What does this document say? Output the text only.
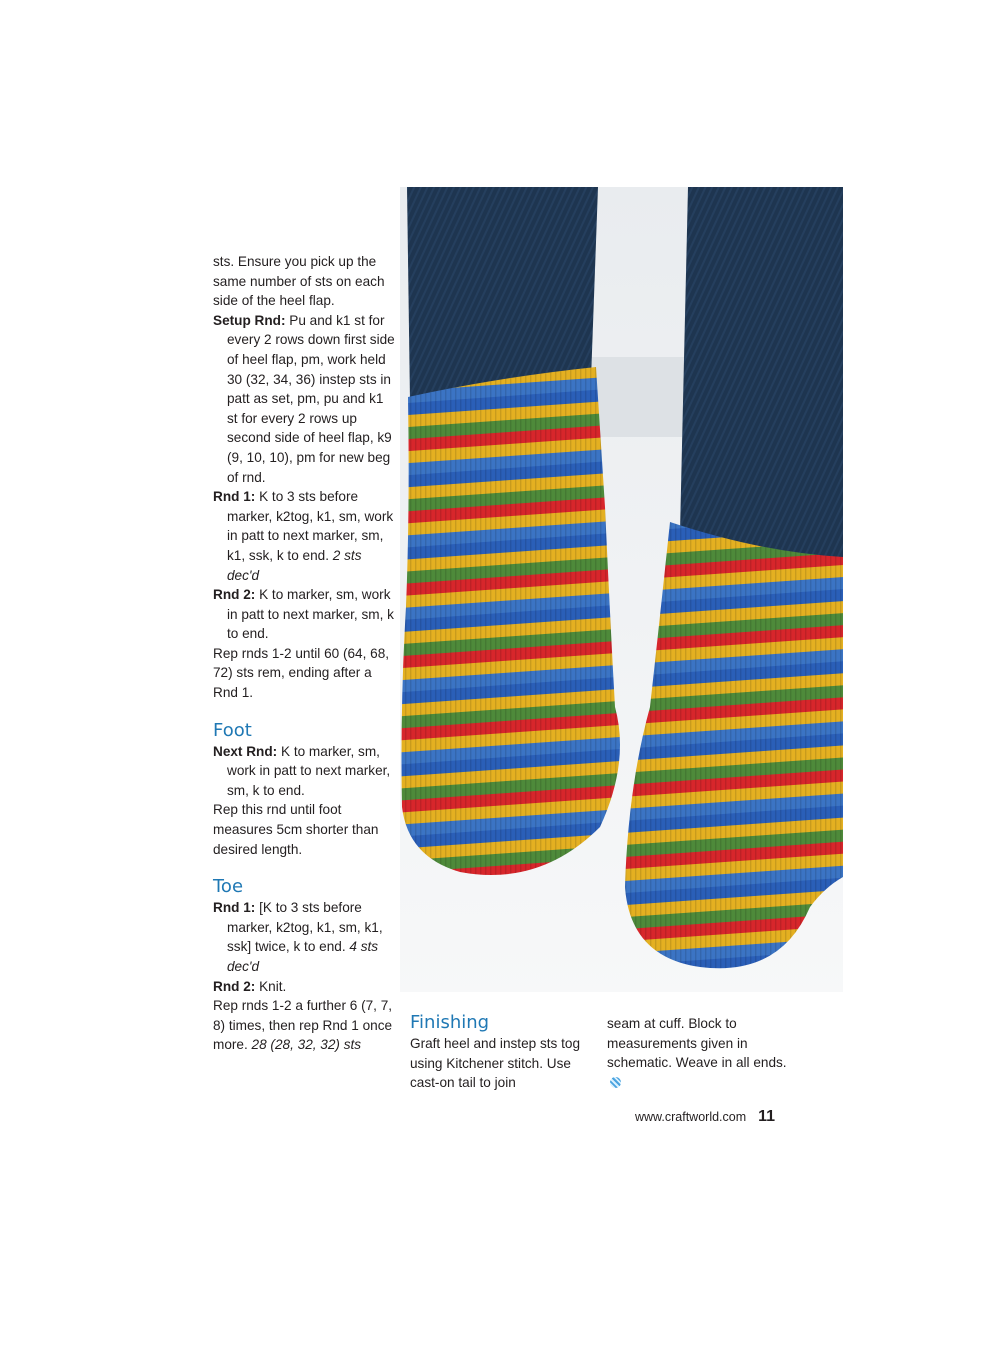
sts. Ensure you pick up the same number of sts on each side of the heel flap.

Setup Rnd: Pu and k1 st for every 2 rows down first side of heel flap, pm, work held 30 (32, 34, 36) instep sts in patt as set, pm, pu and k1 st for every 2 rows up second side of heel flap, k9 (9, 10, 10), pm for new beg of rnd.

Rnd 1: K to 3 sts before marker, k2tog, k1, sm, work in patt to next marker, sm, k1, ssk, k to end. 2 sts dec'd

Rnd 2: K to marker, sm, work in patt to next marker, sm, k to end.

Rep rnds 1-2 until 60 (64, 68, 72) sts rem, ending after a Rnd 1.

Foot

Next Rnd: K to marker, sm, work in patt to next marker, sm, k to end.

Rep this rnd until foot measures 5cm shorter than desired length.

Toe

Rnd 1: [K to 3 sts before marker, k2tog, k1, sm, k1, ssk] twice, k to end. 4 sts dec'd

Rnd 2: Knit.

Rep rnds 1-2 a further 6 (7, 7, 8) times, then rep Rnd 1 once more. 28 (28, 32, 32) sts

Finishing

Graft heel and instep sts tog using Kitchener stitch. Use cast-on tail to join

seam at cuff. Block to measurements given in schematic. Weave in all ends.

www.craftworld.com 11
